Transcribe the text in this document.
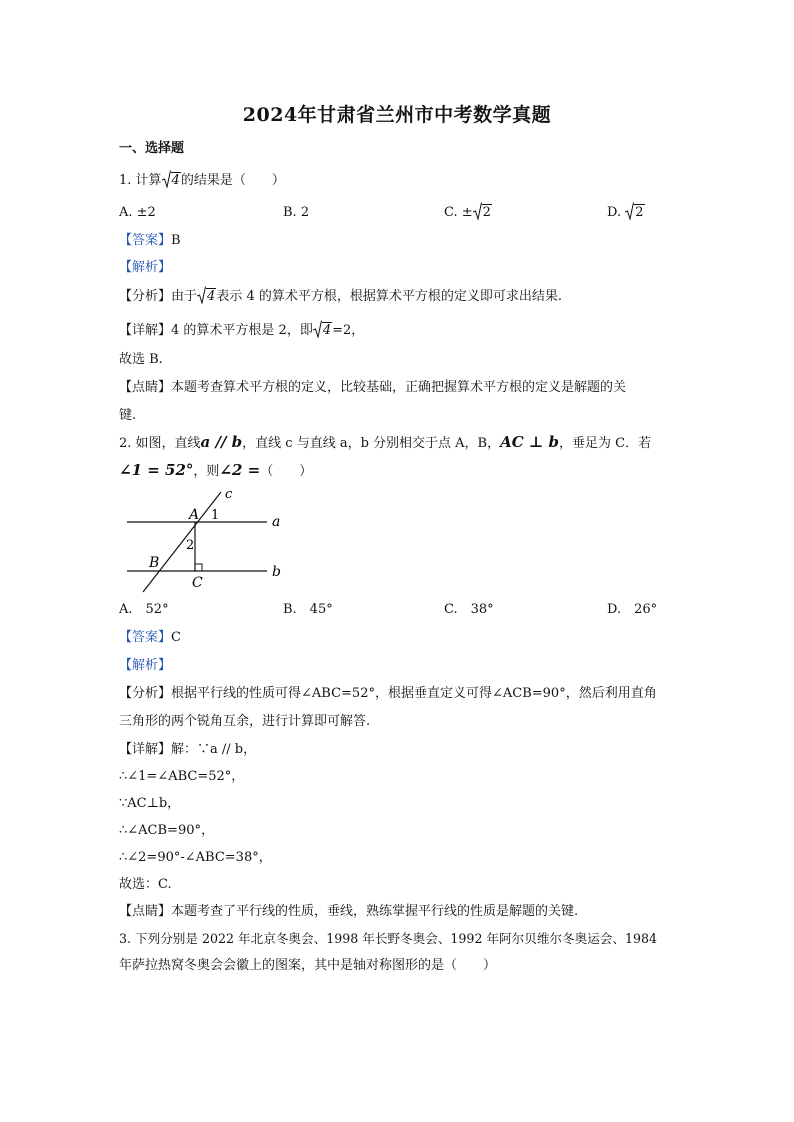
2024年甘肃省兰州市中考数学真题
一、选择题
1. 计算 4的结果是（　　）
A. ±2	B. 2	C. ± 2	D. 2
【答案】B
【解析】
【分析】由于 4表示 4 的算术平方根，根据算术平方根的定义即可求出结果.
【详解】4 的算术平方根是 2，即 4=2，
故选 B.
【点睛】本题考查算术平方根的定义，比较基础，正确把握算术平方根的定义是解题的关
键.
2. 如图，直线a // b，直线 c 与直线 a，b 分别相交于点 A，B，AC ⊥ b，垂足为 C．若
∠1 = 52°，则∠2 =（　　）
c
A 1	a
2
B
C
b
A.　52°	B.　45°	C.　38°	D.　26°
【答案】C
【解析】
【分析】根据平行线的性质可得∠ABC=52°，根据垂直定义可得∠ACB=90°，然后利用直角
三角形的两个锐角互余，进行计算即可解答.
【详解】解：∵a // b，
∴∠1=∠ABC=52°，
∵AC⊥b，
∴∠ACB=90°，
∴∠2=90°-∠ABC=38°，
故选：C.
【点睛】本题考查了平行线的性质，垂线，熟练掌握平行线的性质是解题的关键.
3. 下列分别是 2022 年北京冬奥会、1998 年长野冬奥会、1992 年阿尔贝维尔冬奥运会、1984
年萨拉热窝冬奥会会徽上的图案，其中是轴对称图形的是（　　）
